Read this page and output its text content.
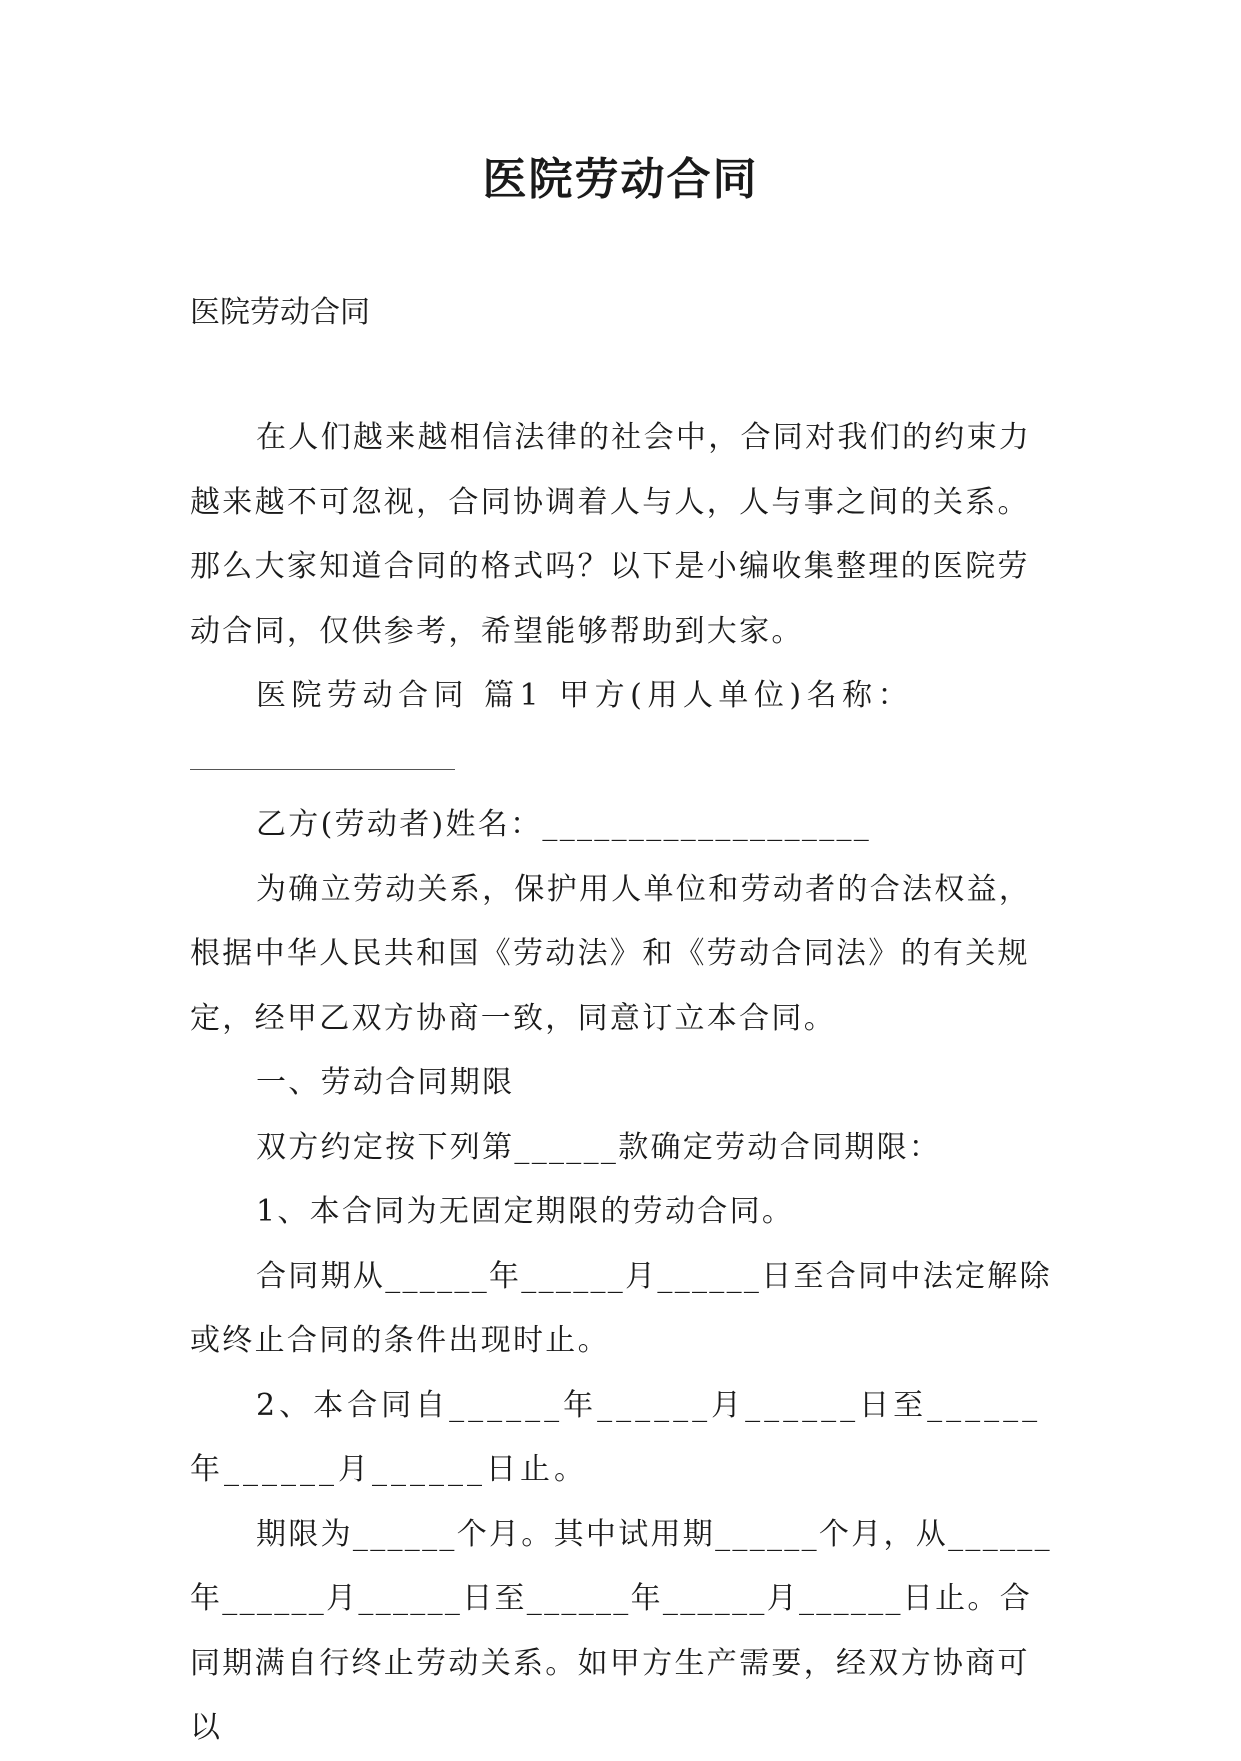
医院劳动合同
医院劳动合同

在人们越来越相信法律的社会中，合同对我们的约束力越来越不可忽视，合同协调着人与人，人与事之间的关系。那么大家知道合同的格式吗？以下是小编收集整理的医院劳动合同，仅供参考，希望能够帮助到大家。

医院劳动合同 篇1 甲方(用人单位)名称：

乙方(劳动者)姓名：___________________

为确立劳动关系，保护用人单位和劳动者的合法权益，根据中华人民共和国《劳动法》和《劳动合同法》的有关规定，经甲乙双方协商一致，同意订立本合同。

一、劳动合同期限

双方约定按下列第______款确定劳动合同期限：

1、本合同为无固定期限的劳动合同。

合同期从______年______月______日至合同中法定解除或终止合同的条件出现时止。

2、本合同自______年______月______日至______年______月______日止。

期限为______个月。其中试用期______个月，从______年______月______日至______年______月______日止。合同期满自行终止劳动关系。如甲方生产需要，经双方协商可以
